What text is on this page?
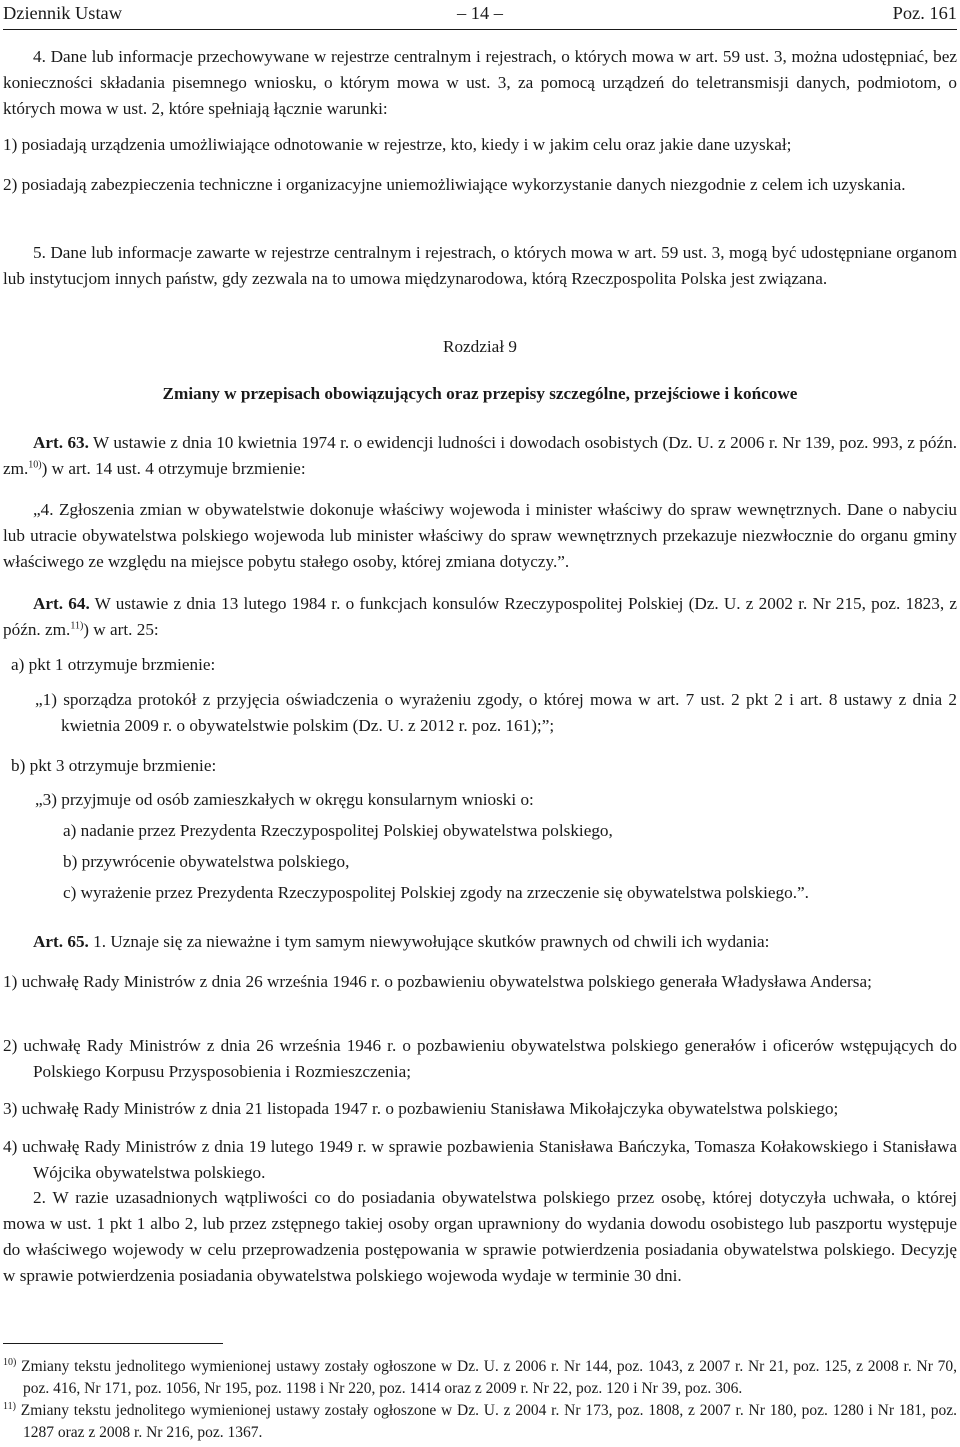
Dziennik Ustaw	– 14 –	Poz. 161
4. Dane lub informacje przechowywane w rejestrze centralnym i rejestrach, o których mowa w art. 59 ust. 3, można udostępniać, bez konieczności składania pisemnego wniosku, o którym mowa w ust. 3, za pomocą urządzeń do teletransmisji danych, podmiotom, o których mowa w ust. 2, które spełniają łącznie warunki:
1) posiadają urządzenia umożliwiające odnotowanie w rejestrze, kto, kiedy i w jakim celu oraz jakie dane uzyskał;
2) posiadają zabezpieczenia techniczne i organizacyjne uniemożliwiające wykorzystanie danych niezgodnie z celem ich uzyskania.
5. Dane lub informacje zawarte w rejestrze centralnym i rejestrach, o których mowa w art. 59 ust. 3, mogą być udostępniane organom lub instytucjom innych państw, gdy zezwala na to umowa międzynarodowa, którą Rzeczpospolita Polska jest związana.
Rozdział 9
Zmiany w przepisach obowiązujących oraz przepisy szczególne, przejściowe i końcowe
Art. 63. W ustawie z dnia 10 kwietnia 1974 r. o ewidencji ludności i dowodach osobistych (Dz. U. z 2006 r. Nr 139, poz. 993, z późn. zm.$^{10)}$) w art. 14 ust. 4 otrzymuje brzmienie:
„4. Zgłoszenia zmian w obywatelstwie dokonuje właściwy wojewoda i minister właściwy do spraw wewnętrznych. Dane o nabyciu lub utracie obywatelstwa polskiego wojewoda lub minister właściwy do spraw wewnętrznych przekazuje niezwłocznie do organu gminy właściwego ze względu na miejsce pobytu stałego osoby, której zmiana dotyczy.”.
Art. 64. W ustawie z dnia 13 lutego 1984 r. o funkcjach konsulów Rzeczypospolitej Polskiej (Dz. U. z 2002 r. Nr 215, poz. 1823, z późn. zm.$^{11)}$) w art. 25:
a) pkt 1 otrzymuje brzmienie:
„1) sporządza protokół z przyjęcia oświadczenia o wyrażeniu zgody, o której mowa w art. 7 ust. 2 pkt 2 i art. 8 ustawy z dnia 2 kwietnia 2009 r. o obywatelstwie polskim (Dz. U. z 2012 r. poz. 161);”;
b) pkt 3 otrzymuje brzmienie:
„3) przyjmuje od osób zamieszkałych w okręgu konsularnym wnioski o:
a) nadanie przez Prezydenta Rzeczypospolitej Polskiej obywatelstwa polskiego,
b) przywrócenie obywatelstwa polskiego,
c) wyrażenie przez Prezydenta Rzeczypospolitej Polskiej zgody na zrzeczenie się obywatelstwa polskiego.”.
Art. 65. 1. Uznaje się za nieważne i tym samym niewywołujące skutków prawnych od chwili ich wydania:
1) uchwałę Rady Ministrów z dnia 26 września 1946 r. o pozbawieniu obywatelstwa polskiego generała Władysława Andersa;
2) uchwałę Rady Ministrów z dnia 26 września 1946 r. o pozbawieniu obywatelstwa polskiego generałów i oficerów wstępujących do Polskiego Korpusu Przysposobienia i Rozmieszczenia;
3) uchwałę Rady Ministrów z dnia 21 listopada 1947 r. o pozbawieniu Stanisława Mikołajczyka obywatelstwa polskiego;
4) uchwałę Rady Ministrów z dnia 19 lutego 1949 r. w sprawie pozbawienia Stanisława Bańczyka, Tomasza Kołakowskiego i Stanisława Wójcika obywatelstwa polskiego.
2. W razie uzasadnionych wątpliwości co do posiadania obywatelstwa polskiego przez osobę, której dotyczyła uchwała, o której mowa w ust. 1 pkt 1 albo 2, lub przez zstępnego takiej osoby organ uprawniony do wydania dowodu osobistego lub paszportu występuje do właściwego wojewody w celu przeprowadzenia postępowania w sprawie potwierdzenia posiadania obywatelstwa polskiego. Decyzję w sprawie potwierdzenia posiadania obywatelstwa polskiego wojewoda wydaje w terminie 30 dni.
$^{10)}$ Zmiany tekstu jednolitego wymienionej ustawy zostały ogłoszone w Dz. U. z 2006 r. Nr 144, poz. 1043, z 2007 r. Nr 21, poz. 125, z 2008 r. Nr 70, poz. 416, Nr 171, poz. 1056, Nr 195, poz. 1198 i Nr 220, poz. 1414 oraz z 2009 r. Nr 22, poz. 120 i Nr 39, poz. 306.
$^{11)}$ Zmiany tekstu jednolitego wymienionej ustawy zostały ogłoszone w Dz. U. z 2004 r. Nr 173, poz. 1808, z 2007 r. Nr 180, poz. 1280 i Nr 181, poz. 1287 oraz z 2008 r. Nr 216, poz. 1367.
